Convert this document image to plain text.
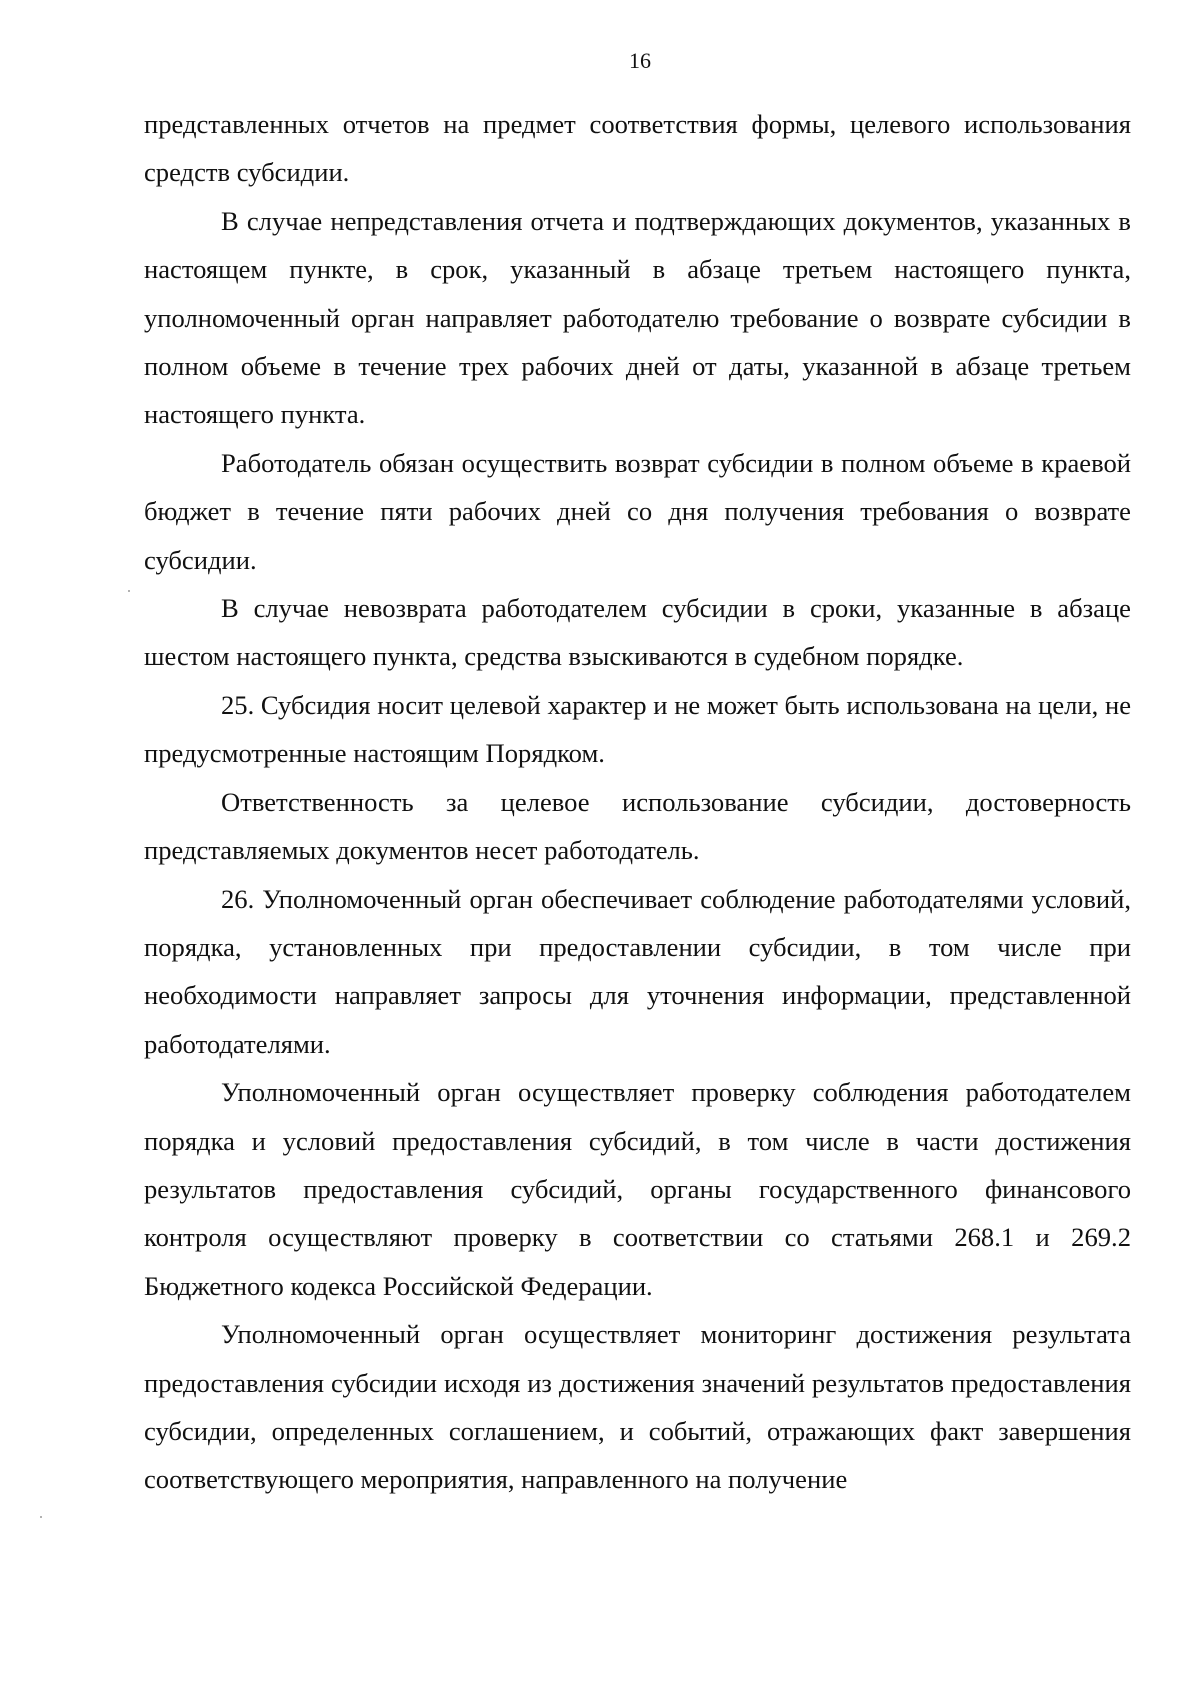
16

представленных отчетов на предмет соответствия формы, целевого использования средств субсидии.

В случае непредставления отчета и подтверждающих документов, указанных в настоящем пункте, в срок, указанный в абзаце третьем настоящего пункта, уполномоченный орган направляет работодателю требование о возврате субсидии в полном объеме в течение трех рабочих дней от даты, указанной в абзаце третьем настоящего пункта.

Работодатель обязан осуществить возврат субсидии в полном объеме в краевой бюджет в течение пяти рабочих дней со дня получения требования о возврате субсидии.

В случае невозврата работодателем субсидии в сроки, указанные в абзаце шестом настоящего пункта, средства взыскиваются в судебном порядке.

25. Субсидия носит целевой характер и не может быть использована на цели, не предусмотренные настоящим Порядком.

Ответственность за целевое использование субсидии, достоверность представляемых документов несет работодатель.

26. Уполномоченный орган обеспечивает соблюдение работодателями условий, порядка, установленных при предоставлении субсидии, в том числе при необходимости направляет запросы для уточнения информации, представленной работодателями.

Уполномоченный орган осуществляет проверку соблюдения работодателем порядка и условий предоставления субсидий, в том числе в части достижения результатов предоставления субсидий, органы государственного финансового контроля осуществляют проверку в соответствии со статьями 268.1 и 269.2 Бюджетного кодекса Российской Федерации.

Уполномоченный орган осуществляет мониторинг достижения результата предоставления субсидии исходя из достижения значений результатов предоставления субсидии, определенных соглашением, и событий, отражающих факт завершения соответствующего мероприятия, направленного на получение
